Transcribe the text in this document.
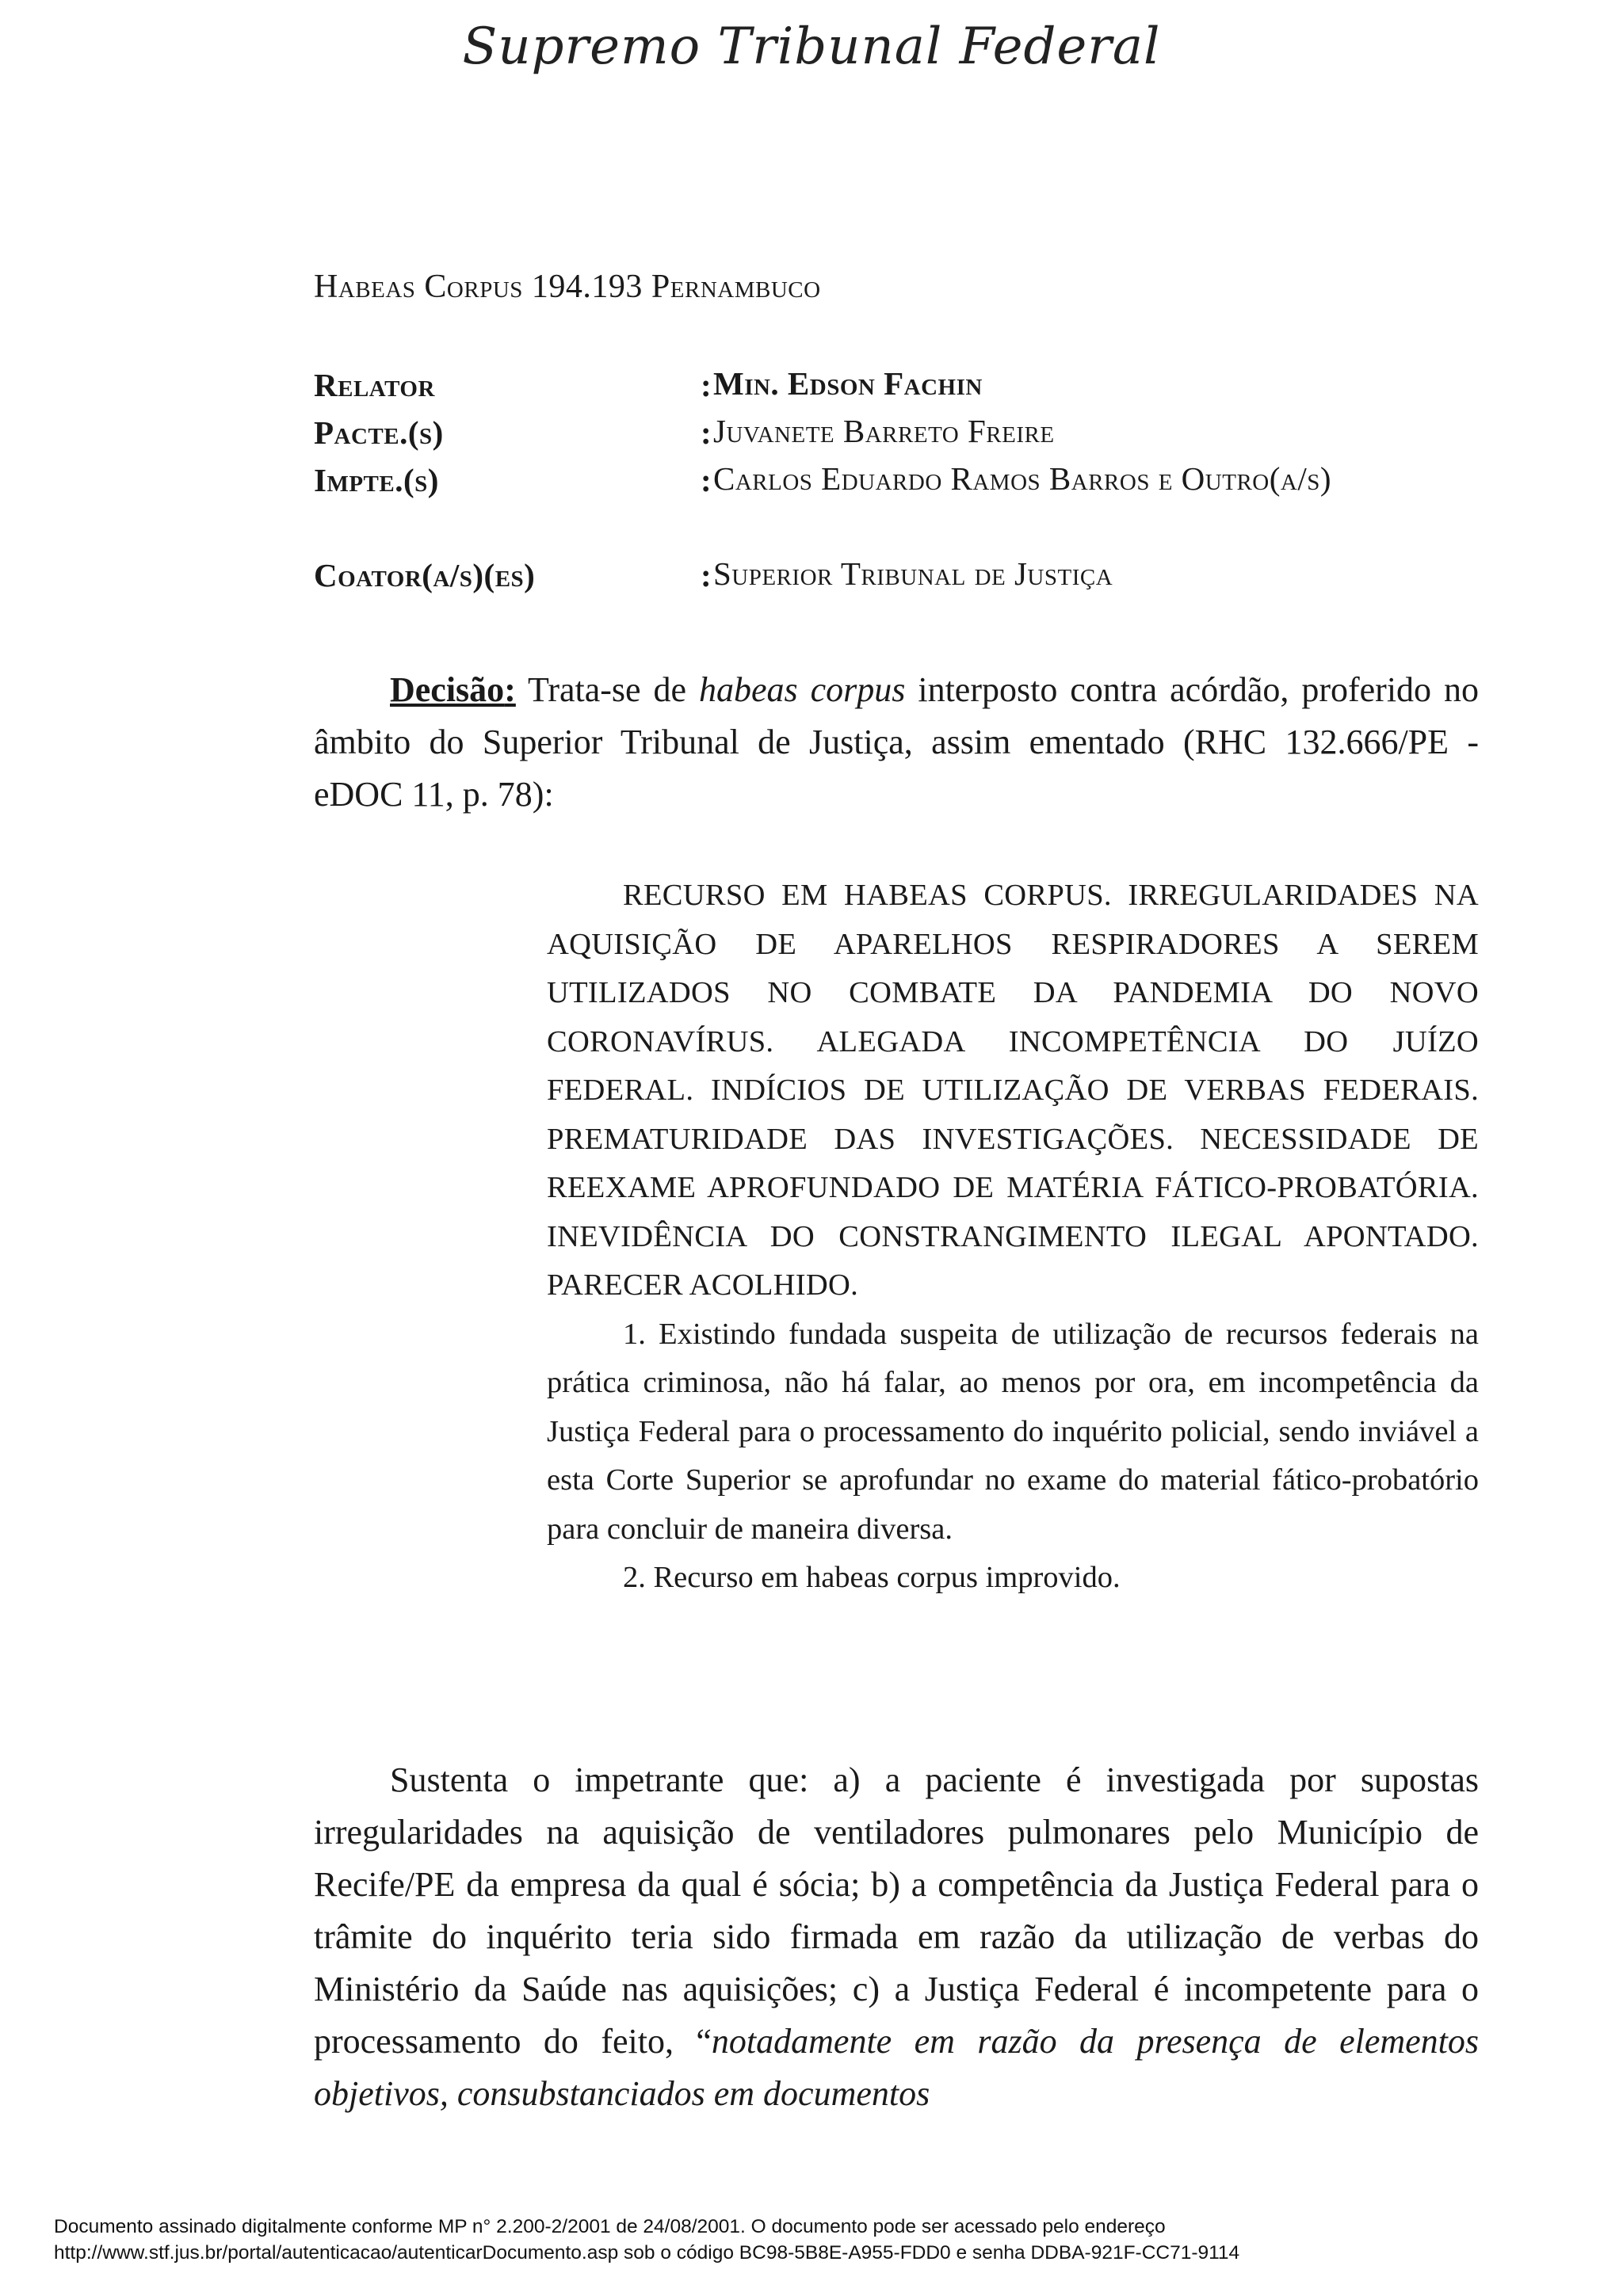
Supremo Tribunal Federal
Habeas Corpus 194.193 Pernambuco
Relator	: Min. Edson Fachin
Pacte.(s)	: Juvanete Barreto Freire
Impte.(s)	: Carlos Eduardo Ramos Barros e Outro(a/s)
Coator(a/s)(es)	: Superior Tribunal de Justiça

Decisão: Trata-se de habeas corpus interposto contra acórdão, proferido no âmbito do Superior Tribunal de Justiça, assim ementado (RHC 132.666/PE - eDOC 11, p. 78):

RECURSO EM HABEAS CORPUS. IRREGULARIDADES NA AQUISIÇÃO DE APARELHOS RESPIRADORES A SEREM UTILIZADOS NO COMBATE DA PANDEMIA DO NOVO CORONAVÍRUS. ALEGADA INCOMPETÊNCIA DO JUÍZO FEDERAL. INDÍCIOS DE UTILIZAÇÃO DE VERBAS FEDERAIS. PREMATURIDADE DAS INVESTIGAÇÕES. NECESSIDADE DE REEXAME APROFUNDADO DE MATÉRIA FÁTICO-PROBATÓRIA. INEVIDÊNCIA DO CONSTRANGIMENTO ILEGAL APONTADO. PARECER ACOLHIDO.

1. Existindo fundada suspeita de utilização de recursos federais na prática criminosa, não há falar, ao menos por ora, em incompetência da Justiça Federal para o processamento do inquérito policial, sendo inviável a esta Corte Superior se aprofundar no exame do material fático-probatório para concluir de maneira diversa.

2. Recurso em habeas corpus improvido.

Sustenta o impetrante que: a) a paciente é investigada por supostas irregularidades na aquisição de ventiladores pulmonares pelo Município de Recife/PE da empresa da qual é sócia; b) a competência da Justiça Federal para o trâmite do inquérito teria sido firmada em razão da utilização de verbas do Ministério da Saúde nas aquisições; c) a Justiça Federal é incompetente para o processamento do feito, “notadamente em razão da presença de elementos objetivos, consubstanciados em documentos

Documento assinado digitalmente conforme MP n° 2.200-2/2001 de 24/08/2001. O documento pode ser acessado pelo endereço
http://www.stf.jus.br/portal/autenticacao/autenticarDocumento.asp sob o código BC98-5B8E-A955-FDD0 e senha DDBA-921F-CC71-9114
